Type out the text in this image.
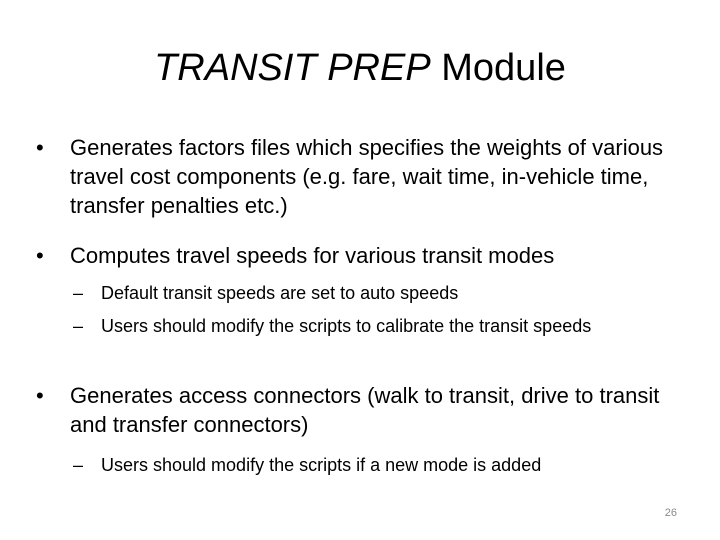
TRANSIT PREP Module
•	Generates factors files which specifies the weights of various travel cost components (e.g. fare, wait time, in-vehicle time, transfer penalties etc.)
•	Computes travel speeds for various transit modes
– Default transit speeds are set to auto speeds
– Users should modify the scripts to calibrate the transit speeds
•	Generates access connectors (walk to transit, drive to transit and transfer connectors)
– Users should modify the scripts if a new mode is added
26
